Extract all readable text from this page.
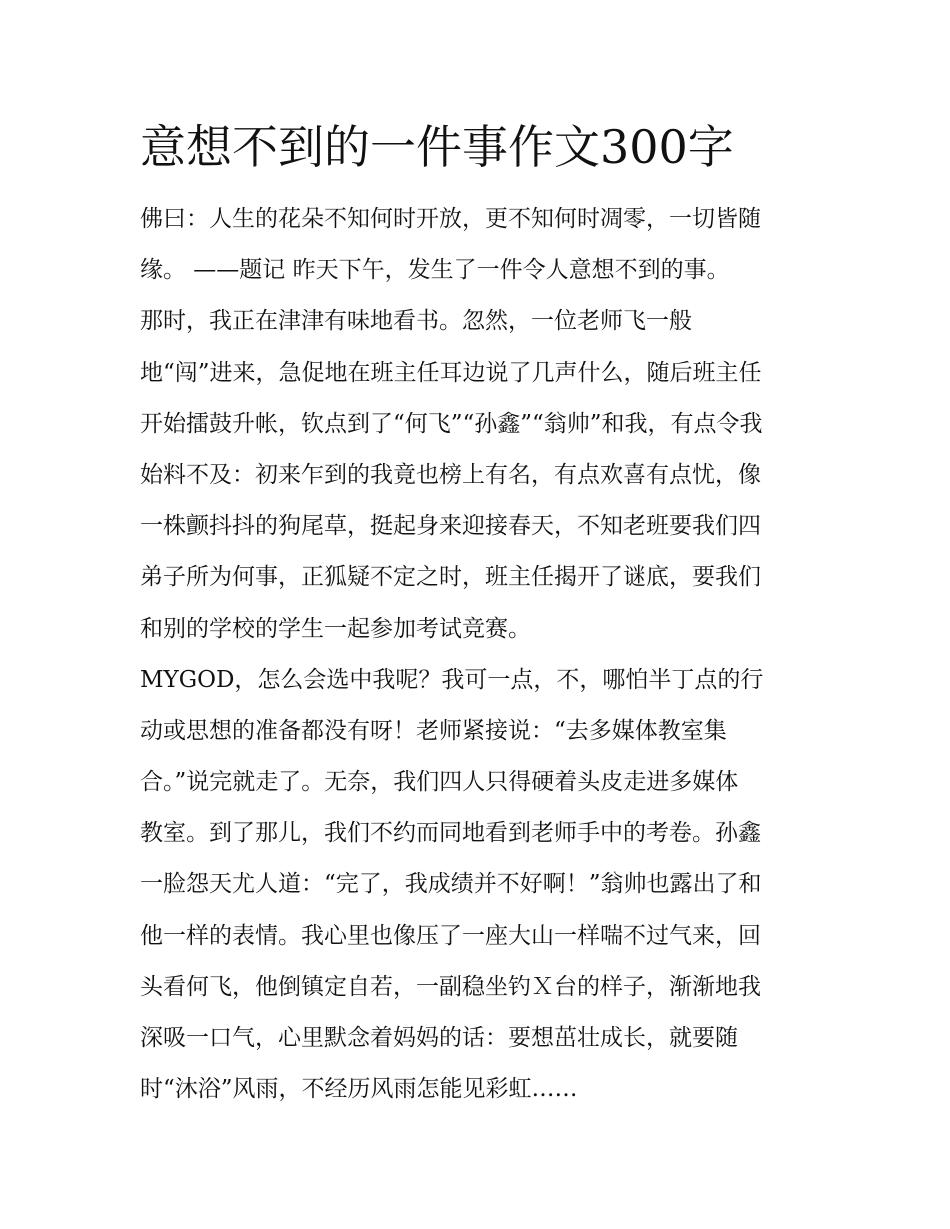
意想不到的一件事作文300字
佛曰：人生的花朵不知何时开放，更不知何时凋零，一切皆随
缘。 ——题记 昨天下午，发生了一件令人意想不到的事。
那时，我正在津津有味地看书。忽然，一位老师飞一般
地“闯”进来，急促地在班主任耳边说了几声什么，随后班主任
开始擂鼓升帐，钦点到了“何飞”“孙鑫”“翁帅”和我，有点令我
始料不及：初来乍到的我竟也榜上有名，有点欢喜有点忧，像
一株颤抖抖的狗尾草，挺起身来迎接春天，不知老班要我们四
弟子所为何事，正狐疑不定之时，班主任揭开了谜底，要我们
和别的学校的学生一起参加考试竞赛。
MYGOD，怎么会选中我呢？我可一点，不，哪怕半丁点的行
动或思想的准备都没有呀！老师紧接说：“去多媒体教室集
合。”说完就走了。无奈，我们四人只得硬着头皮走进多媒体
教室。到了那儿，我们不约而同地看到老师手中的考卷。孙鑫
一脸怨天尤人道：“完了，我成绩并不好啊！”翁帅也露出了和
他一样的表情。我心里也像压了一座大山一样喘不过气来，回
头看何飞，他倒镇定自若，一副稳坐钓Ｘ台的样子，渐渐地我
深吸一口气，心里默念着妈妈的话：要想茁壮成长，就要随
时“沐浴”风雨，不经历风雨怎能见彩虹……
